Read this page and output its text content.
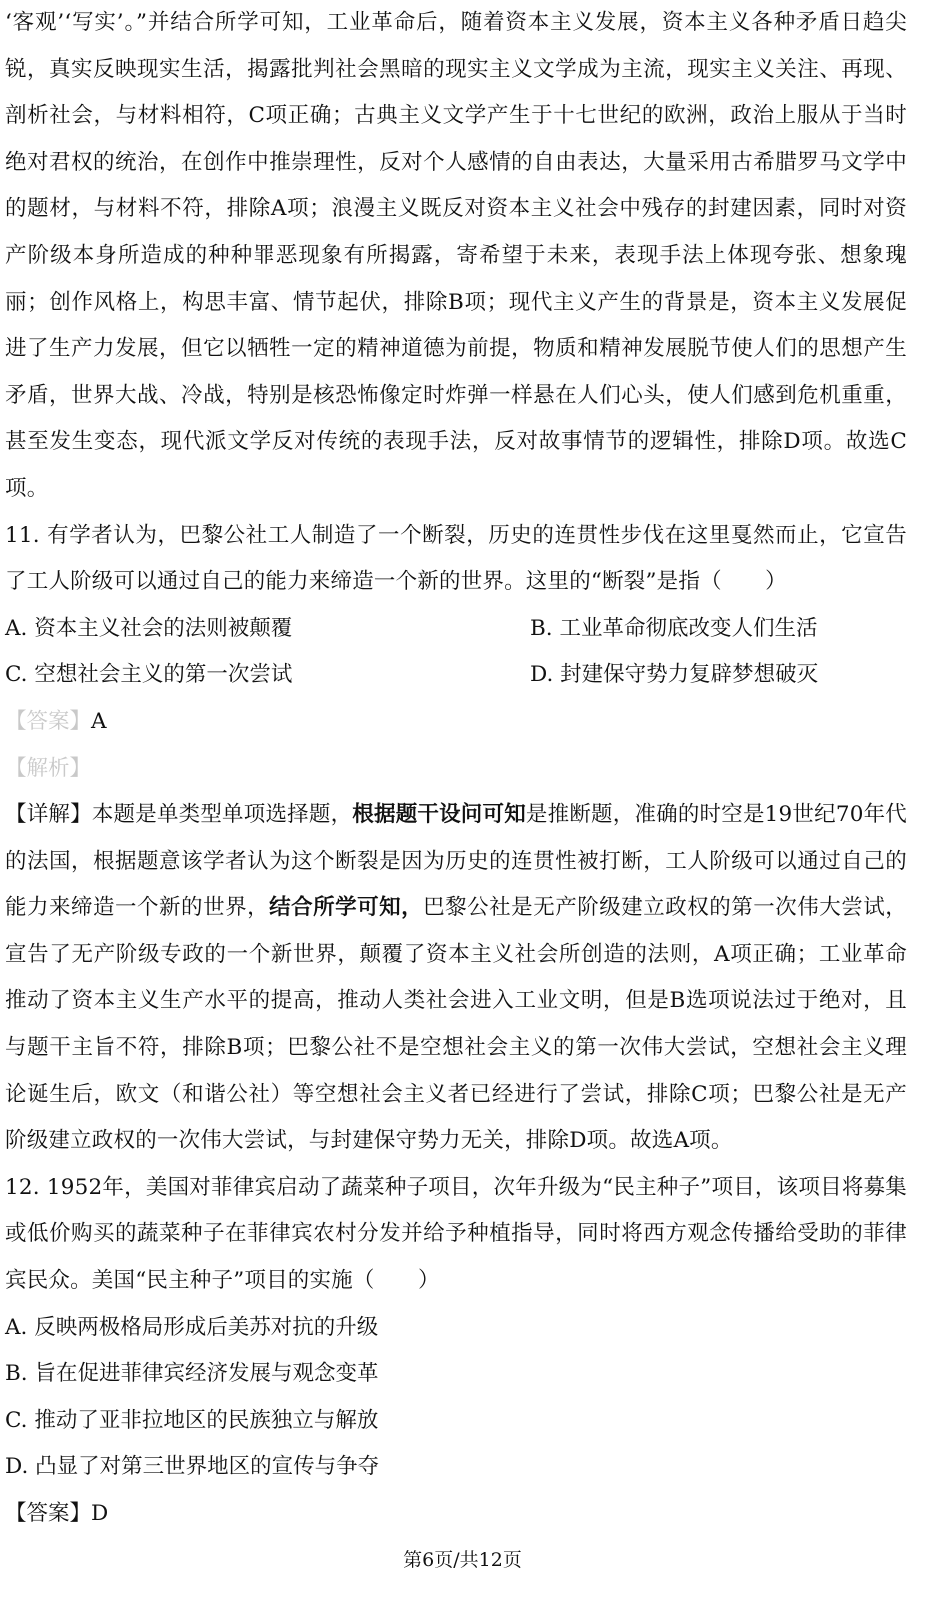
‘客观’‘写实’。”并结合所学可知，工业革命后，随着资本主义发展，资本主义各种矛盾日趋尖锐，真实反映现实生活，揭露批判社会黑暗的现实主义文学成为主流，现实主义关注、再现、剖析社会，与材料相符，C项正确；古典主义文学产生于十七世纪的欧洲，政治上服从于当时绝对君权的统治，在创作中推崇理性，反对个人感情的自由表达，大量采用古希腊罗马文学中的题材，与材料不符，排除A项；浪漫主义既反对资本主义社会中残存的封建因素，同时对资产阶级本身所造成的种种罪恶现象有所揭露，寄希望于未来，表现手法上体现夸张、想象瑰丽；创作风格上，构思丰富、情节起伏，排除B项；现代主义产生的背景是，资本主义发展促进了生产力发展，但它以牺牲一定的精神道德为前提，物质和精神发展脱节使人们的思想产生矛盾，世界大战、冷战，特别是核恐怖像定时炸弹一样悬在人们心头，使人们感到危机重重，甚至发生变态，现代派文学反对传统的表现手法，反对故事情节的逻辑性，排除D项。故选C项。

11. 有学者认为，巴黎公社工人制造了一个断裂，历史的连贯性步伐在这里戛然而止，它宣告了工人阶级可以通过自己的能力来缔造一个新的世界。这里的“断裂”是指（　　）

A. 资本主义社会的法则被颠覆	B. 工业革命彻底改变人们生活
C. 空想社会主义的第一次尝试	D. 封建保守势力复辟梦想破灭

【答案】A

【解析】

【详解】本题是单类型单项选择题，根据题干设问可知是推断题，准确的时空是19世纪70年代的法国，根据题意该学者认为这个断裂是因为历史的连贯性被打断，工人阶级可以通过自己的能力来缔造一个新的世界，结合所学可知，巴黎公社是无产阶级建立政权的第一次伟大尝试，宣告了无产阶级专政的一个新世界，颠覆了资本主义社会所创造的法则，A项正确；工业革命推动了资本主义生产水平的提高，推动人类社会进入工业文明，但是B选项说法过于绝对，且与题干主旨不符，排除B项；巴黎公社不是空想社会主义的第一次伟大尝试，空想社会主义理论诞生后，欧文（和谐公社）等空想社会主义者已经进行了尝试，排除C项；巴黎公社是无产阶级建立政权的一次伟大尝试，与封建保守势力无关，排除D项。故选A项。

12. 1952年，美国对菲律宾启动了蔬菜种子项目，次年升级为“民主种子”项目，该项目将募集或低价购买的蔬菜种子在菲律宾农村分发并给予种植指导，同时将西方观念传播给受助的菲律宾民众。美国“民主种子”项目的实施（　　）

A. 反映两极格局形成后美苏对抗的升级

B. 旨在促进菲律宾经济发展与观念变革

C. 推动了亚非拉地区的民族独立与解放

D. 凸显了对第三世界地区的宣传与争夺

【答案】D

第6页/共12页
